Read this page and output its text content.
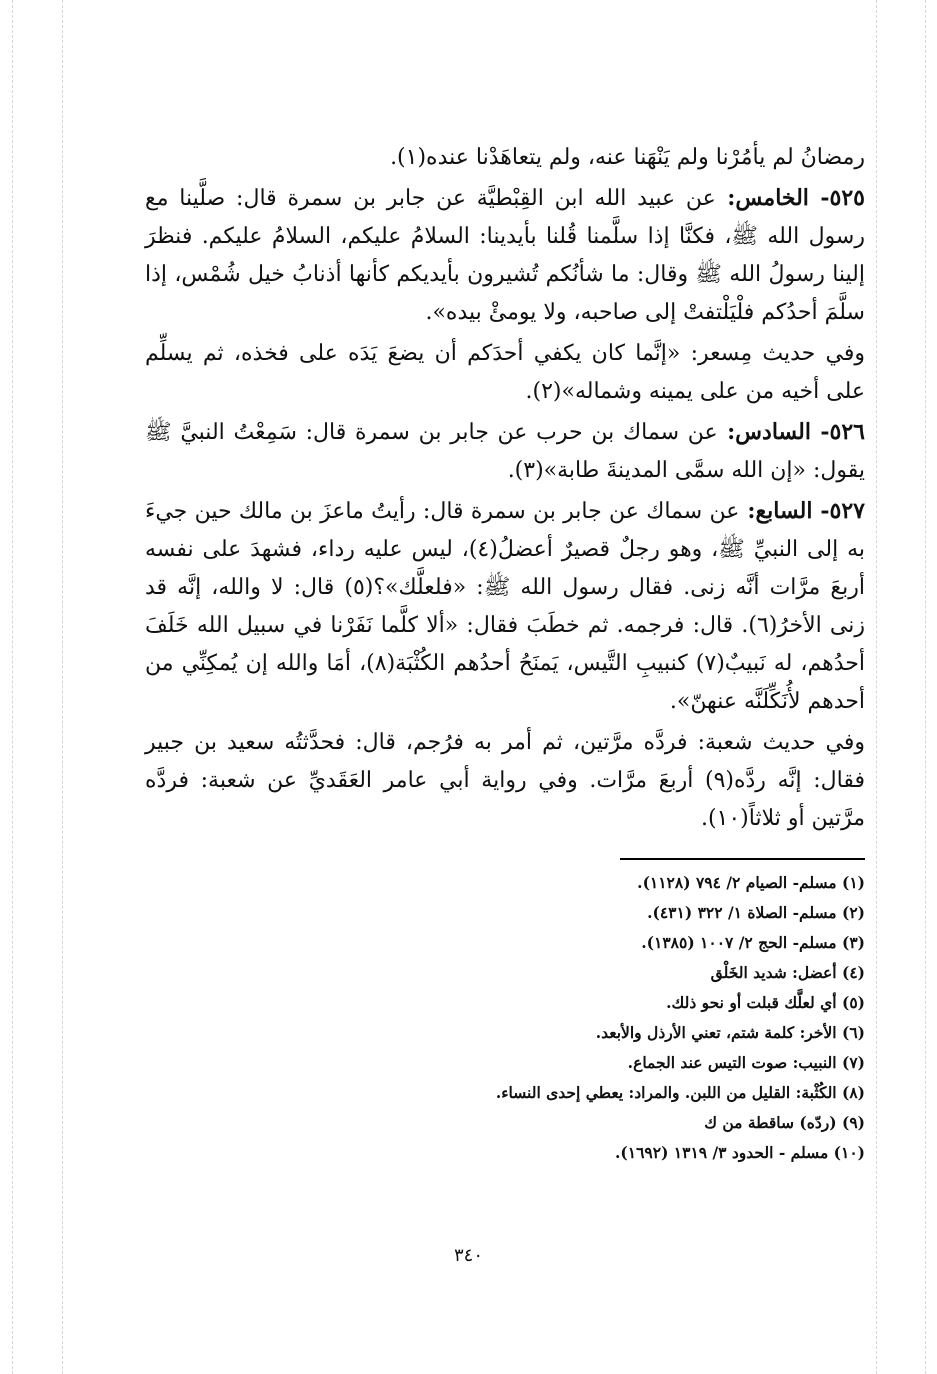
رمضانُ لم يأمُرْنا ولم يَنْهَنا عنه، ولم يتعاهَدْنا عنده(١).

٥٢٥- الخامس: عن عبيد الله ابن القِبْطيَّة عن جابر بن سمرة قال: صلَّينا مع رسول الله ﷺ، فكنَّا إذا سلَّمنا قُلنا بأيدينا: السلامُ عليكم، السلامُ عليكم. فنظرَ إلينا رسولُ الله ﷺ وقال: ما شأنُكم تُشيرون بأيديكم كأنها أذنابُ خيل شُمْس، إذا سلَّمَ أحدُكم فلْيَلْتفتْ إلى صاحبه، ولا يومئْ بيده».

وفي حديث مِسعر: «إنَّما كان يكفي أحدَكم أن يضعَ يَدَه على فخذه، ثم يسلِّم على أخيه من على يمينه وشماله»(٢).

٥٢٦- السادس: عن سماك بن حرب عن جابر بن سمرة قال: سَمِعْتُ النبيَّ ﷺ يقول: «إن الله سمَّى المدينةَ طابة»(٣).

٥٢٧- السابع: عن سماك عن جابر بن سمرة قال: رأيتُ ماعزَ بن مالك حين جيءَ به إلى النبيِّ ﷺ، وهو رجلٌ قصيرٌ أعضلُ(٤)، ليس عليه رداء، فشهدَ على نفسه أربعَ مرَّات أنَّه زنى. فقال رسول الله ﷺ: «فلعلَّك»؟(٥) قال: لا والله، إنَّه قد زنى الأخرُ(٦). قال: فرجمه. ثم خطَبَ فقال: «ألا كلَّما نَفَرْنا في سبيل الله خَلَفَ أحدُهم، له نَبيبٌ(٧) كنبيبِ التَّيس، يَمنَحُ أحدُهم الكُثْبَة(٨)، أمَا والله إن يُمكِنِّي من أحدهم لأُنَكِّلَنَّه عنهنّ».

وفي حديث شعبة: فردَّه مرَّتين، ثم أمر به فرُجم، قال: فحدَّثتُه سعيد بن جبير فقال: إنَّه ردَّه(٩) أربعَ مرَّات. وفي رواية أبي عامر العَقَديِّ عن شعبة: فردَّه مرَّتين أو ثلاثاً(١٠).

(١) مسلم- الصيام ٢/ ٧٩٤ (١١٢٨).
(٢) مسلم- الصلاة ١/ ٣٢٢ (٤٣١).
(٣) مسلم- الحج ٢/ ١٠٠٧ (١٣٨٥).
(٤) أعضل: شديد الخَلْق
(٥) أي لعلَّك قبلت أو نحو ذلك.
(٦) الأخر: كلمة شتم، تعني الأرذل والأبعد.
(٧) النبيب: صوت التيس عند الجماع.
(٨) الكُثْبة: القليل من اللبن. والمراد: يعطي إحدى النساء.
(٩) (ردّه) ساقطة من ك
(١٠) مسلم - الحدود ٣/ ١٣١٩ (١٦٩٢).
٣٤٠
